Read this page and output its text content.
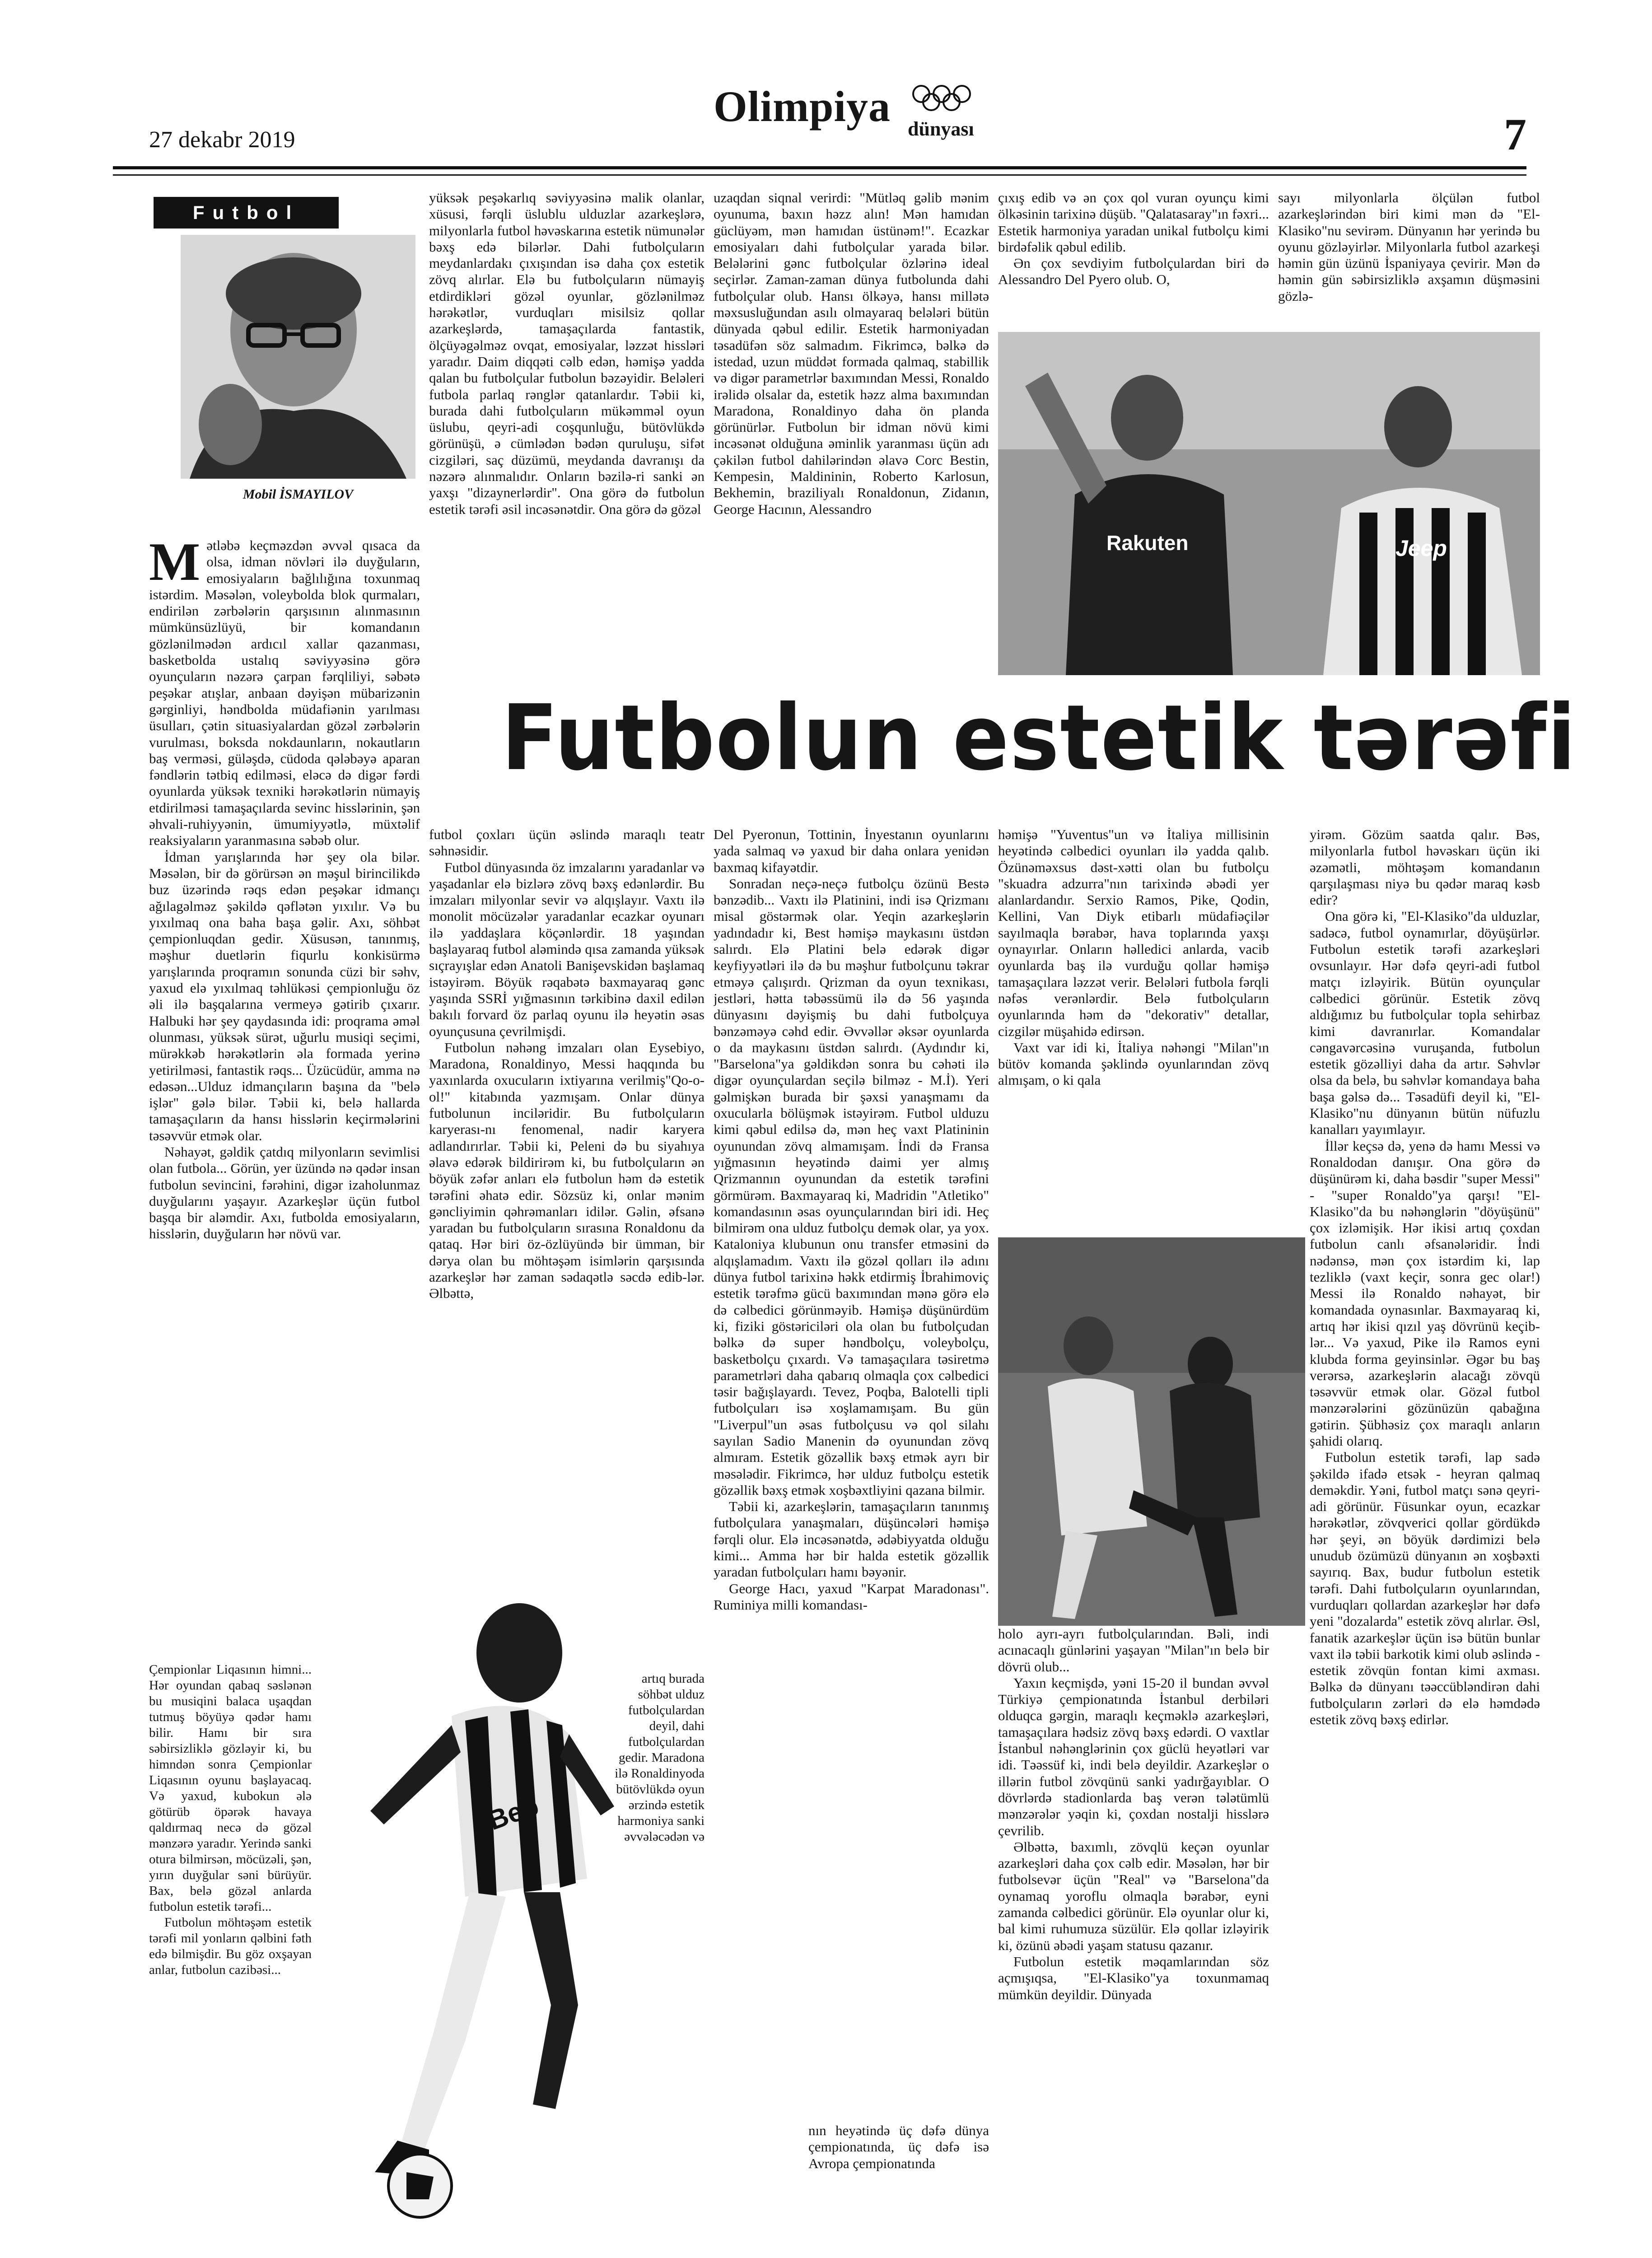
27 dekabr 2019
Olimpiya dünyası	7
Futbol
Mobil İSMAYILOV

Mətləbə keçməzdən əvvəl qısaca da olsa, idman növləri ilə duyğuların, emosiyaların bağlılığına toxunmaq istərdim. Məsələn, voleybolda blok qurmaları, endirilən zərbələrin qarşısının alınmasının mümkünsüzlüyü, bir komandanın gözlənilmədən ardıcıl xallar qazanması, basketbolda ustalıq səviyyəsinə görə oyunçuların nəzərə çarpan fərqliliyi, səbətə peşəkar atışlar, anbaan dəyişən mübarizənin gərginliyi, həndbolda müdafiənin yarılması üsulları, çətin situasiyalardan gözəl zərbələrin vurulması, boksda nokdaunların, nokautların baş verməsi, güləşdə, cüdoda qələbəyə aparan fəndlərin tətbiq edilməsi, eləcə də digər fərdi oyunlarda yüksək texniki hərəkətlərin nümayiş etdirilməsi tamaşaçılarda sevinc hisslərinin, şən əhvali-ruhiyyənin, ümumiyyətlə, müxtəlif reaksiyaların yaranmasına səbəb olur.

İdman yarışlarında hər şey ola bilər. Məsələn, bir də görürsən ən məşul birincilikdə buz üzərində rəqs edən peşəkar idmançı ağılagəlməz şəkildə qəflətən yıxılır. Və bu yıxılmaq ona baha başa gəlir. Axı, söhbət çempionluqdan gedir. Xüsusən, tanınmış, məşhur duetlərin fiqurlu konkisürmə yarışlarında proqramın sonunda cüzi bir səhv, yaxud elə yıxılmaq təhlükəsi çempionluğu öz əli ilə başqalarına vermeyə gətirib çıxarır. Halbuki hər şey qaydasında idi: proqrama əməl olunması, yüksək sürət, uğurlu musiqi seçimi, mürəkkəb hərəkətlərin əla formada yerinə yetirilməsi, fantastik rəqs... Üzücüdür, amma nə edəsən...Ulduz idmançıların başına da "belə işlər" gələ bilər. Təbii ki, belə hallarda tamaşaçıların da hansı hisslərin keçirmələrini təsəvvür etmək olar.

Nəhayət, gəldik çatdıq milyonların sevimlisi olan futbola... Görün, yer üzündə nə qədər insan futbolun sevincini, fərəhini, digər izaholunmaz duyğularını yaşayır. Azarkeşlər üçün futbol başqa bir aləmdir. Axı, futbolda emosiyaların, hisslərin, duyğuların hər növü var.

Çempionlar Liqasının himni... Hər oyundan qabaq səslənən bu musiqini balaca uşaqdan tutmuş böyüyə qədər hamı bilir. Hamı bir sıra səbirsizliklə gözləyir ki, bu himndən sonra Çempionlar Liqasının oyunu başlayacaq. Və yaxud, kubokun ələ götürüb öpərək havaya qaldırmaq necə də gözəl mənzərə yaradır. Yerində sanki otura bilmirsən, möcüzəli, şən, yırın duyğular səni bürüyür. Bax, belə gözəl anlarda futbolun estetik tərəfi...

Futbolun möhtəşəm estetik tərəfi mil yonların qəlbini fəth edə bilmişdir. Bu göz oxşayan anlar, futbolun cazibəsi...

yüksək peşəkarlıq səviyyəsinə malik olanlar, xüsusi, fərqli üslublu ulduzlar azarkeşlərə, milyonlarla futbol həvəskarına estetik nümunələr bəxş edə bilərlər. Dahi futbolçuların meydanlardakı çıxışından isə daha çox estetik zövq alırlar. Elə bu futbolçuların nümayiş etdirdikləri gözəl oyunlar, gözlənilməz hərəkətlər, vurduqları misilsiz qollar azarkeşlərdə, tamaşaçılarda fantastik, ölçüyəgəlməz ovqat, emosiyalar, ləzzət hissləri yaradır. Daim diqqəti cəlb edən, həmişə yadda qalan bu futbolçular futbolun bəzəyidir. Beləleri futbola parlaq rənglər qatanlardır. Təbii ki, burada dahi futbolçuların mükəmməl oyun üslubu, qeyri-adi coşqunluğu, bütövlükdə görünüşü, ə cümlədən bədən quruluşu, sifət cizgiləri, saç düzümü, meydanda davranışı da nəzərə alınmalıdır. Onların bəzilə-ri sanki ən yaxşı "dizaynerlərdir". Ona görə də futbolun estetik tərəfi əsil incəsənətdir. Ona görə də gözəl

uzaqdan siqnal verirdi: "Mütləq gəlib mənim oyunuma, baxın həzz alın! Mən hamıdan güclüyəm, mən hamıdan üstünəm!". Ecazkar emosiyaları dahi futbolçular yarada bilər. Belələrini gənc futbolçular özlərinə ideal seçirlər. Zaman-zaman dünya futbolunda dahi futbolçular olub. Hansı ölkəyə, hansı millətə məxsusluğundan asılı olmayaraq belələri bütün dünyada qəbul edilir. Estetik harmoniyadan təsadüfən söz salmadım. Fikrimcə, bəlkə də istedad, uzun müddət formada qalmaq, stabillik və digər parametrlər baxımından Messi, Ronaldo irəlidə olsalar da, estetik həzz alma baxımından Maradona, Ronaldinyo daha ön planda görünürlər. Futbolun bir idman növü kimi incəsənət olduğuna əminlik yaranması üçün adı çəkilən futbol dahilərindən əlavə Corc Bestin, Kempesin, Maldininin, Roberto Karlosun, Bekhemin, braziliyalı Ronaldonun, Zidanın, George Hacının, Alessandro

çıxış edib və ən çox qol vuran oyunçu kimi ölkəsinin tarixinə düşüb. "Qalatasaray"ın fəxri... Estetik harmoniya yaradan unikal futbolçu kimi birdəfəlik qəbul edilib.

Ən çox sevdiyim futbolçulardan biri də Alessandro Del Pyero olub. O,

sayı milyonlarla ölçülən futbol azarkeşlərindən biri kimi mən də "El-Klasiko"nu sevirəm. Dünyanın hər yerində bu oyunu gözləyirlər. Milyonlarla futbol azarkeşi həmin gün üzünü İspaniyaya çevirir. Mən də həmin gün səbirsizliklə axşamın düşməsini gözlə-

Rakuten	Jeep
Futbolun estetik tərəfi

futbol çoxları üçün əslində maraqlı teatr səhnəsidir.

Futbol dünyasında öz imzalarını yaradanlar və yaşadanlar elə bizlərə zövq bəxş edənlərdir. Bu imzaları milyonlar sevir və alqışlayır. Vaxtı ilə monolit möcüzələr yaradanlar ecazkar oyunarı ilə yaddaşlara köçənlərdir. 18 yaşından başlayaraq futbol aləmində qısa zamanda yüksək sıçrayışlar edən Anatoli Banişevskidən başlamaq istəyirəm. Böyük rəqabətə baxmayaraq gənc yaşında SSRİ yığmasının tərkibinə daxil edilən bakılı forvard öz parlaq oyunu ilə heyətin əsas oyunçusuna çevrilmişdi.

Futbolun nəhəng imzaları olan Eysebiyo, Maradona, Ronaldinyo, Messi haqqında bu yaxınlarda oxucuların ixtiyarına verilmiş"Qo-o-ol!" kitabında yazmışam. Onlar dünya futbolunun inciləridir. Bu futbolçuların karyerası-nı fenomenal, nadir karyera adlandırırlar. Təbii ki, Peleni də bu siyahıya əlavə edərək bildirirəm ki, bu futbolçuların ən böyük zəfər anları elə futbolun həm də estetik tərəfini əhatə edir. Sözsüz ki, onlar mənim gəncliyimin qəhrəmanları idilər. Gəlin, əfsanə yaradan bu futbolçuların sırasına Ronaldonu da qataq. Hər biri öz-özlüyündə bir ümman, bir dərya olan bu möhtəşəm isimlərin qarşısında azarkeşlər hər zaman sədaqətlə səcdə edib-lər. Əlbəttə,

artıq burada söhbət ulduz futbolçulardan deyil, dahi futbolçulardan gedir. Maradona ilə Ronaldinyoda bütövlükdə oyun ərzində estetik harmoniya sanki əvvələcədən və

Beb

Del Pyeronun, Tottinin, İnyestanın oyunlarını yada salmaq və yaxud bir daha onlara yenidən baxmaq kifayətdir.

Sonradan neçə-neçə futbolçu özünü Bestə bənzədib... Vaxtı ilə Platinini, indi isə Qrizmanı misal göstərmək olar. Yeqin azarkeşlərin yadındadır ki, Best həmişə maykasını üstdən salırdı. Elə Platini belə edərək digər keyfiyyətləri ilə də bu məşhur futbolçunu təkrar etməyə çalışırdı. Qrizman da oyun texnikası, jestləri, hətta təbəssümü ilə də 56 yaşında dünyasını dəyişmiş bu dahi futbolçuya bənzəməyə cəhd edir. Əvvəllər əksər oyunlarda o da maykasını üstdən salırdı. (Aydındır ki, "Barselona"ya gəldikdən sonra bu cəhəti ilə digər oyunçulardan seçilə bilməz - M.İ). Yeri gəlmişkən burada bir şəxsi yanaşmamı da oxucularla bölüşmək istəyirəm. Futbol ulduzu kimi qəbul edilsə də, mən heç vaxt Platininin oyunundan zövq almamışam. İndi də Fransa yığmasının heyətində daimi yer almış Qrizmannın oyunundan da estetik tərəfini görmürəm. Baxmayaraq ki, Madridin "Atletiko" komandasının əsas oyunçularından biri idi. Heç bilmirəm ona ulduz futbolçu demək olar, ya yox. Kataloniya klubunun onu transfer etməsini də alqışlamadım. Vaxtı ilə gözəl qolları ilə adını dünya futbol tarixinə həkk etdirmiş İbrahimoviç estetik tərəfmə gücü baxımından mənə görə elə də cəlbedici görünməyib. Həmişə düşünürdüm ki, fiziki göstəriciləri ola olan bu futbolçudan bəlkə də super həndbolçu, voleybolçu, basketbolçu çıxardı. Və tamaşaçılara təsiretmə parametrləri daha qabarıq olmaqla çox cəlbedici təsir bağışlayardı. Tevez, Poqba, Balotelli tipli futbolçuları isə xoşlamamışam. Bu gün "Liverpul"un əsas futbolçusu və qol silahı sayılan Sadio Manenin də oyunundan zövq almıram. Estetik gözəllik bəxş etmək ayrı bir məsələdir. Fikrimcə, hər ulduz futbolçu estetik gözəllik bəxş etmək xoşbəxtliyini qazana bilmir.

Təbii ki, azarkeşlərin, tamaşaçıların tanınmış futbolçulara yanaşmaları, düşüncələri həmişə fərqli olur. Elə incəsənətdə, ədəbiyyatda olduğu kimi... Amma hər bir halda estetik gözəllik yaradan futbolçuları hamı bəyənir.

George Hacı, yaxud "Karpat Maradonası". Ruminiya milli komandası-

nın heyətində üç dəfə dünya çempionatında, üç dəfə isə Avropa çempionatında

həmişə "Yuventus"un və İtaliya millisinin heyətində cəlbedici oyunları ilə yadda qalıb. Özünəməxsus dəst-xətti olan bu futbolçu "skuadra adzurra"nın tarixində əbədi yer alanlardandır. Serxio Ramos, Pike, Qodin, Kellini, Van Diyk etibarlı müdafiəçilər sayılmaqla bərabər, hava toplarında yaxşı oynayırlar. Onların həlledici anlarda, vacib oyunlarda baş ilə vurduğu qollar həmişə tamaşaçılara ləzzət verir. Belələri futbola fərqli nəfəs verənlərdir. Belə futbolçuların oyunlarında həm də "dekorativ" detallar, cizgilər müşahidə edirsən.

Vaxt var idi ki, İtaliya nəhəngi "Milan"ın bütöv komanda şəklində oyunlarından zövq almışam, o ki qala

holo ayrı-ayrı futbolçularından. Bəli, indi acınacaqlı günlərini yaşayan "Milan"ın belə bir dövrü olub...

Yaxın keçmişdə, yəni 15-20 il bundan əvvəl Türkiyə çempionatında İstanbul derbiləri olduqca gərgin, maraqlı keçməklə azarkeşləri, tamaşaçılara hədsiz zövq bəxş edərdi. O vaxtlar İstanbul nəhənglərinin çox güclü heyətləri var idi. Təəssüf ki, indi belə deyildir. Azarkeşlər o illərin futbol zövqünü sanki yadırğayıblar. O dövrlərdə stadionlarda baş verən tələtümlü mənzərələr yəqin ki, çoxdan nostalji hisslərə çevrilib.

Əlbəttə, baxımlı, zövqlü keçən oyunlar azarkeşləri daha çox cəlb edir. Məsələn, hər bir futbolsevər üçün "Real" və "Barselona"da oynamaq yoroflu olmaqla bərabər, eyni zamanda cəlbedici görünür. Elə oyunlar olur ki, bal kimi ruhumuza süzülür. Elə qollar izləyirik ki, özünü əbədi yaşam statusu qazanır.

Futbolun estetik məqamlarından söz açmışıqsa, "El-Klasiko"ya toxunmamaq mümkün deyildir. Dünyada

yirəm. Gözüm saatda qalır. Bəs, milyonlarla futbol həvəskarı üçün iki əzəmətli, möhtəşəm komandanın qarşılaşması niyə bu qədər maraq kəsb edir?

Ona görə ki, "El-Klasiko"da ulduzlar, sadəcə, futbol oynamırlar, döyüşürlər. Futbolun estetik tərəfi azarkeşləri ovsunlayır. Hər dəfə qeyri-adi futbol matçı izləyirik. Bütün oyunçular cəlbedici görünür. Estetik zövq aldığımız bu futbolçular topla sehirbaz kimi davranırlar. Komandalar cəngavərcəsinə vuruşanda, futbolun estetik gözəlliyi daha da artır. Səhvlər olsa da belə, bu səhvlər komandaya baha başa gəlsə də... Təsadüfi deyil ki, "El-Klasiko"nu dünyanın bütün nüfuzlu kanalları yayımlayır.

İllər keçsə də, yenə də hamı Messi və Ronaldodan danışır. Ona görə də düşünürəm ki, daha bəsdir "super Messi" - "super Ronaldo"ya qarşı! "El-Klasiko"da bu nəhənglərin "döyüşünü" çox izləmişik. Hər ikisi artıq çoxdan futbolun canlı əfsanələridir. İndi nədənsə, mən çox istərdim ki, lap tezliklə (vaxt keçir, sonra gec olar!) Messi ilə Ronaldo nəhayət, bir komandada oynasınlar. Baxmayaraq ki, artıq hər ikisi qızıl yaş dövrünü keçib-lər... Və yaxud, Pike ilə Ramos eyni klubda forma geyinsinlər. Əgər bu baş verərsə, azarkeşlərin alacağı zövqü təsəvvür etmək olar. Gözəl futbol mənzərələrini gözünüzün qabağına gətirin. Şübhəsiz çox maraqlı anların şahidi olarıq.

Futbolun estetik tərəfi, lap sadə şəkildə ifadə etsək - heyran qalmaq deməkdir. Yəni, futbol matçı sənə qeyri-adi görünür. Füsunkar oyun, ecazkar hərəkətlər, zövqverici qollar gördükdə hər şeyi, ən böyük dərdimizi belə unudub özümüzü dünyanın ən xoşbəxti sayırıq. Bax, budur futbolun estetik tərəfi. Dahi futbolçuların oyunlarından, vurduqları qollardan azarkeşlər hər dəfə yeni "dozalarda" estetik zövq alırlar. Əsl, fanatik azarkeşlər üçün isə bütün bunlar vaxt ilə təbii barkotik kimi olub əslində - estetik zövqün fontan kimi axması. Bəlkə də dünyanı təəccübləndirən dahi futbolçuların zərləri də elə həmdədə estetik zövq bəxş edirlər.
